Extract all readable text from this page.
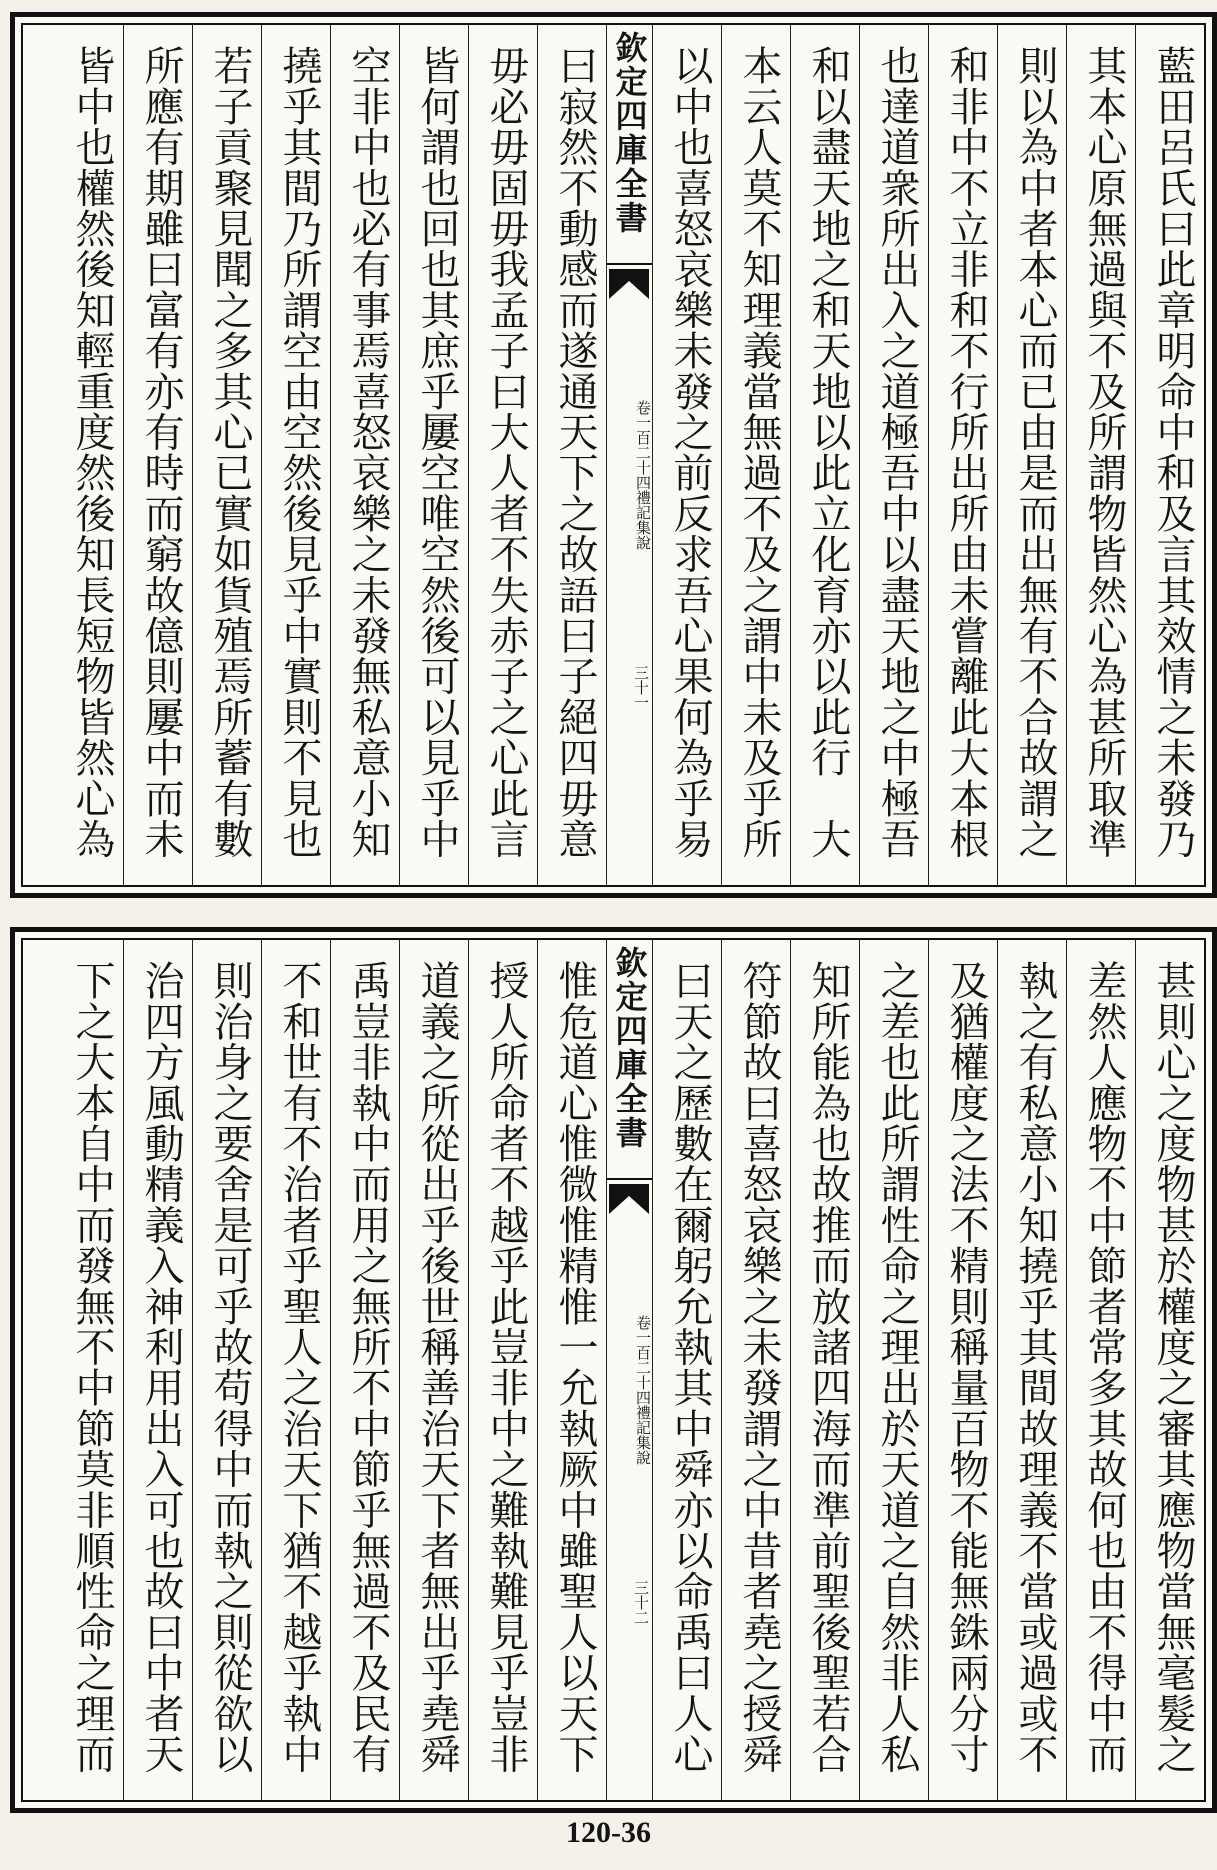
藍田呂氏曰此章明命中和及言其效情之未發乃
其本心原無過與不及所謂物皆然心為甚所取準
則以為中者本心而已由是而出無有不合故謂之
和非中不立非和不行所出所由未嘗離此大本根
也達道衆所出入之道極吾中以盡天地之中極吾
和以盡天地之和天地以此立化育亦以此行　大
本云人莫不知理義當無過不及之謂中未及乎所
以中也喜怒哀樂未發之前反求吾心果何為乎易
欽定四庫全書
卷一百二十四
禮記集說
三十一
曰寂然不動感而遂通天下之故語曰子絕四毋意
毋必毋固毋我孟子曰大人者不失赤子之心此言
皆何謂也回也其庶乎屢空唯空然後可以見乎中
空非中也必有事焉喜怒哀樂之未發無私意小知
撓乎其間乃所謂空由空然後見乎中實則不見也
若子貢聚見聞之多其心已實如貨殖焉所蓄有數
所應有期雖曰富有亦有時而窮故億則屢中而未
皆中也權然後知輕重度然後知長短物皆然心為
甚則心之度物甚於權度之審其應物當無毫髮之
差然人應物不中節者常多其故何也由不得中而
執之有私意小知撓乎其間故理義不當或過或不
及猶權度之法不精則稱量百物不能無銖兩分寸
之差也此所謂性命之理出於天道之自然非人私
知所能為也故推而放諸四海而準前聖後聖若合
符節故曰喜怒哀樂之未發謂之中昔者堯之授舜
曰天之歷數在爾躬允執其中舜亦以命禹曰人心
欽定四庫全書
卷一百二十四
禮記集說
三十二
惟危道心惟微惟精惟一允執厥中雖聖人以天下
授人所命者不越乎此豈非中之難執難見乎豈非
道義之所從出乎後世稱善治天下者無出乎堯舜
禹豈非執中而用之無所不中節乎無過不及民有
不和世有不治者乎聖人之治天下猶不越乎執中
則治身之要舍是可乎故苟得中而執之則從欲以
治四方風動精義入神利用出入可也故曰中者天
下之大本自中而發無不中節莫非順性命之理而
120-36
